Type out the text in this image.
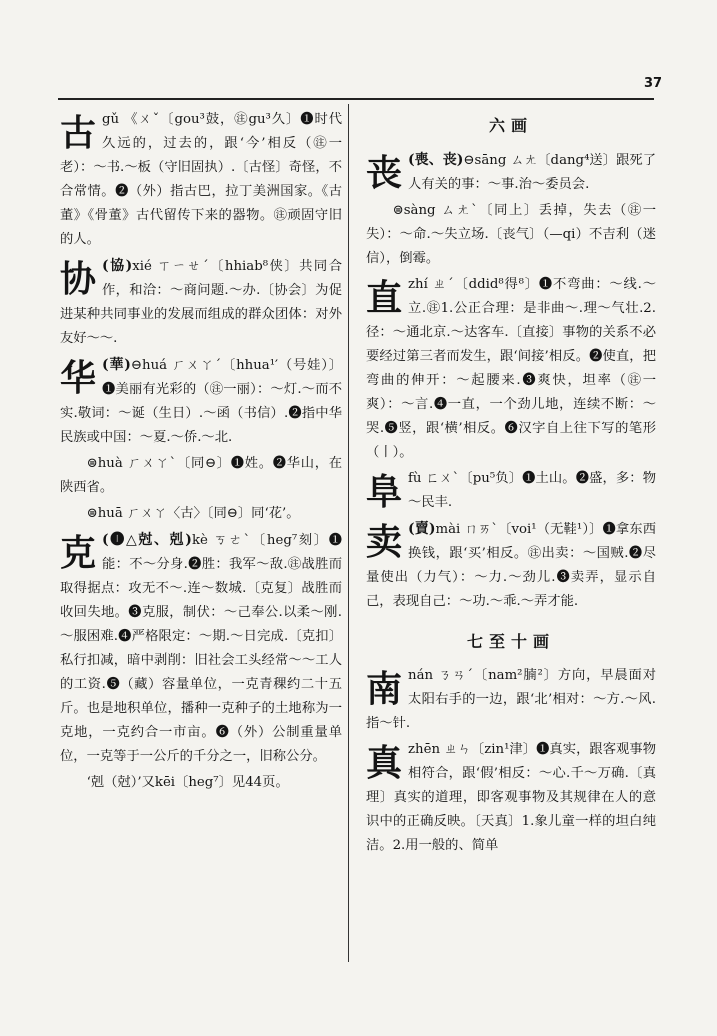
37
古 gǔ 《ㄨˇ〔gou³鼓，㊟gu³久〕❶时代久远的，过去的，跟‘今’相反（㊟一老）：～书.～板（守旧固执）.〔古怪〕奇怪，不合常情。❷（外）指古巴，拉丁美洲国家。《古董》《骨董》古代留传下来的器物。㊟顽固守旧的人。

协 (協)xié ㄒㄧㄝˊ〔hhiab⁸侠〕共同合作，和洽：～商问题.～办.〔协会〕为促进某种共同事业的发展而组成的群众团体：对外友好～～.

华 (華)⊖huá ㄏㄨㄚˊ〔hhua¹′（号娃）〕❶美丽有光彩的（㊟一丽）：～灯.～而不实.敬词：～诞（生日）.～函（书信）.❷指中华民族或中国：～夏.～侨.～北.

⊜huà ㄏㄨㄚˋ〔同⊖〕❶姓。❷华山，在陕西省。

⊜huā ㄏㄨㄚ〈古〉〔同⊖〕同‘花’。

克 (❶△尅、剋)kè ㄎㄜˋ〔heg⁷刻〕❶能：不～分身.❷胜：我军～敌.㊟战胜而取得据点：攻无不～.连～数城.〔克复〕战胜而收回失地。❸克服，制伏：～己奉公.以柔～刚.～服困难.❹严格限定：～期.～日完成.〔克扣〕私行扣减，暗中剥削：旧社会工头经常～～工人的工资.❺（藏）容量单位，一克青稞约二十五斤。也是地积单位，播种一克种子的土地称为一克地，一克约合一市亩。❻（外）公制重量单位，一克等于一公斤的千分之一，旧称公分。

‘剋（尅）’又kēi〔heg⁷〕见44页。

六画
丧 (喪、丧)⊖sāng ㄙㄤ〔dang⁴送〕跟死了人有关的事：～事.治～委员会.

⊜sàng ㄙㄤˋ〔同上〕丢掉，失去（㊟一失）：～命.～失立场.〔丧气〕（—qi）不吉利（迷信），倒霉。

直 zhí ㄓˊ〔ddid⁸得⁸〕❶不弯曲：～线.～立.㊟1.公正合理：是非曲～.理～气壮.2.径：～通北京.～达客车.〔直接〕事物的关系不必要经过第三者而发生，跟‘间接’相反。❷使直，把弯曲的伸开：～起腰来.❸爽快，坦率（㊟一爽）：～言.❹一直，一个劲儿地，连续不断：～哭.❺竖，跟‘横’相反。❻汉字自上往下写的笔形（丨）。

阜 fù ㄈㄨˋ〔pu⁵负〕❶土山。❷盛，多：物～民丰.

卖 (賣)mài ㄇㄞˋ〔voi¹（无鞋¹）〕❶拿东西换钱，跟‘买’相反。㊟出卖：～国贼.❷尽量使出（力气）：～力.～劲儿.❸卖弄，显示自己，表现自己：～功.～乖.～弄才能.

七至十画
南 nán ㄋㄢˊ〔nam²腩²〕方向，早晨面对太阳右手的一边，跟‘北’相对：～方.～风.指～针.

真 zhēn ㄓㄣ〔zin¹津〕❶真实，跟客观事物相符合，跟‘假’相反：～心.千～万确.〔真理〕真实的道理，即客观事物及其规律在人的意识中的正确反映。〔天真〕1.象儿童一样的坦白纯洁。2.用一般的、简单
